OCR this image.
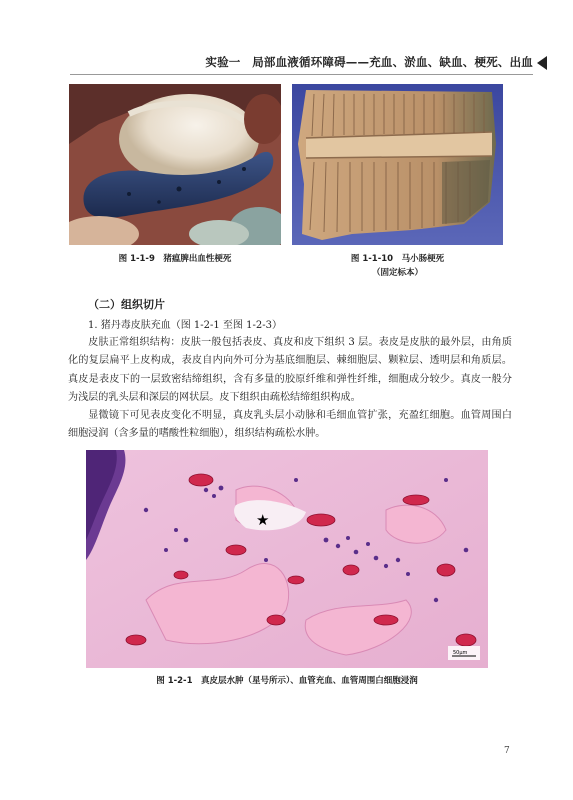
实验一　局部血液循环障碍——充血、淤血、缺血、梗死、出血
图 1-1-9　猪瘟脾出血性梗死	图 1-1-10　马小肠梗死
（固定标本）
（二）组织切片
1. 猪丹毒皮肤充血（图 1-2-1 至图 1-2-3）

皮肤正常组织结构：皮肤一般包括表皮、真皮和皮下组织 3 层。表皮是皮肤的最外层，由角质化的复层扁平上皮构成，表皮自内向外可分为基底细胞层、棘细胞层、颗粒层、透明层和角质层。真皮是表皮下的一层致密结缔组织，含有多量的胶原纤维和弹性纤维，细胞成分较少。真皮一般分为浅层的乳头层和深层的网状层。皮下组织由疏松结缔组织构成。

显微镜下可见表皮变化不明显，真皮乳头层小动脉和毛细血管扩张，充盈红细胞。血管周围白细胞浸润（含多量的嗜酸性粒细胞），组织结构疏松水肿。

★
50μm
图 1-2-1　真皮层水肿（星号所示）、血管充血、血管周围白细胞浸润
7
